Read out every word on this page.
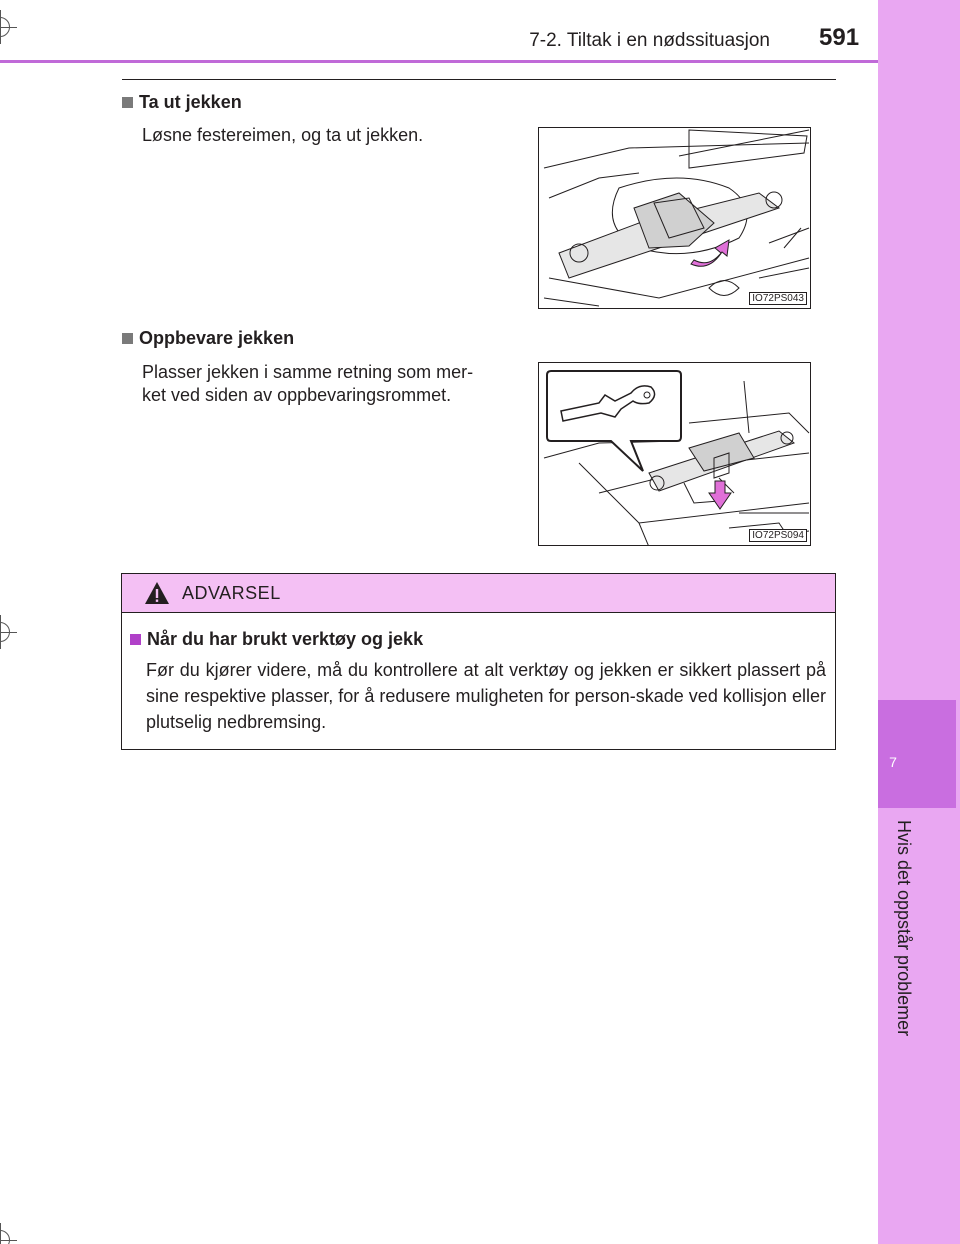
7
Hvis det oppstår problemer
7-2. Tiltak i en nødssituasjon 591
Ta ut jekken
Løsne festereimen, og ta ut jekken.
IO72PS043
Oppbevare jekken
Plasser jekken i samme retning som mer-
ket ved siden av oppbevaringsrommet.
IO72PS094
ADVARSEL
Når du har brukt verktøy og jekk
Før du kjører videre, må du kontrollere at alt verktøy og jekken er sikkert plassert på sine respektive plasser, for å redusere muligheten for person-skade ved kollisjon eller plutselig nedbremsing.
